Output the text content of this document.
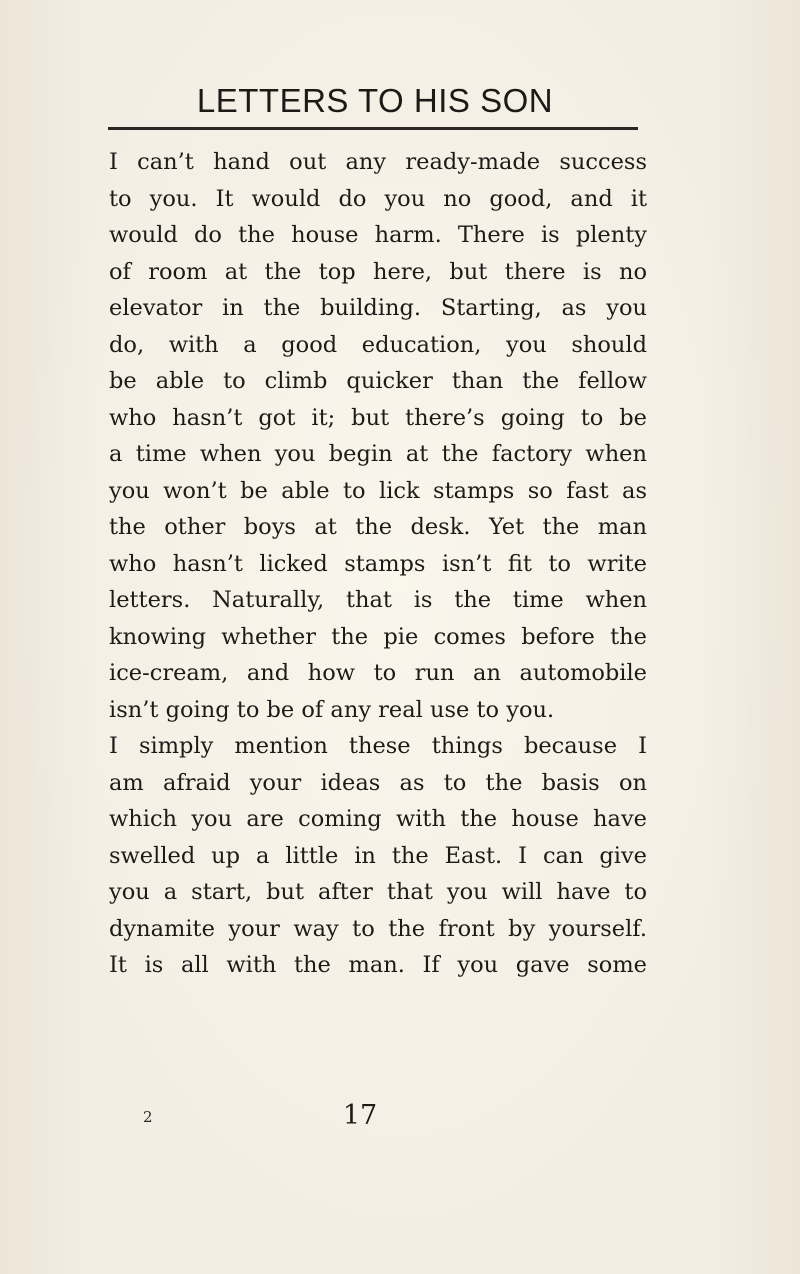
LETTERS TO HIS SON
I can’t hand out any ready-made success
to you. It would do you no good, and it
would do the house harm. There is plenty
of room at the top here, but there is no
elevator in the building. Starting, as you
do, with a good education, you should
be able to climb quicker than the fellow
who hasn’t got it; but there’s going to be
a time when you begin at the factory when
you won’t be able to lick stamps so fast as
the other boys at the desk. Yet the man
who hasn’t licked stamps isn’t fit to write
letters. Naturally, that is the time when
knowing whether the pie comes before the
ice-cream, and how to run an automobile
isn’t going to be of any real use to you.
I simply mention these things because I
am afraid your ideas as to the basis on
which you are coming with the house have
swelled up a little in the East. I can give
you a start, but after that you will have to
dynamite your way to the front by yourself.
It is all with the man. If you gave some
2	17
